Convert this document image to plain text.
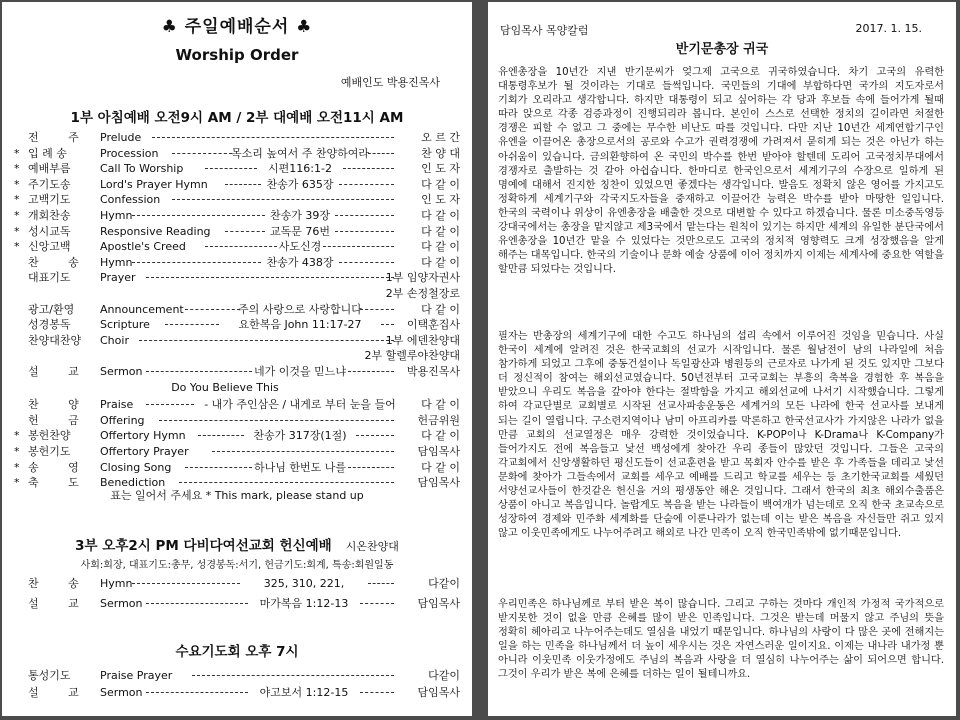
♣ 주일예배순서 ♣
Worship Order
예배인도 박용진목사
1부 아침예배 오전9시 AM / 2부 대예배 오전11시 AM
전 주 Prelude	오 르 간
* 입 례 송	Procession	목소리 높여서 주 찬양하여라	찬 양 대
* 예배부름	Call To Worship	시편116:1-2	인 도 자
* 주기도송	Lord's Prayer Hymn	찬송가 635장	다 같 이
* 고백기도	Confession	인 도 자
* 개회찬송	Hymn	찬송가 39장	다 같 이
* 성시교독	Responsive Reading	교독문 76번	다 같 이
* 신앙고백	Apostle's Creed	사도신경	다 같 이
찬 송 Hymn	찬송가 438장	다 같 이
대표기도	Prayer	1부 임양자권사
2부 손정철장로
광고/환영	Announcement	주의 사랑으로 사랑합니다	다 같 이
성경봉독	Scripture	요한복음 John 11:17-27	이택훈집사
찬양대찬양	Choir	1부 에덴찬양대
2부 할렐루야찬양대
설 교 Sermon	네가 이것을 믿느냐	박용진목사
찬 양 Praise	- 내가 주인삼은 / 내게로 부터 눈을 들어	다 같 이
헌 금 Offering	헌금위원
* 봉헌찬양	Offertory Hymn	찬송가 317장(1절)	다 같 이
* 봉헌기도	Offertory Prayer	담임목사
* 송 영 Closing Song	하나님 한번도 나를	다 같 이
* 축 도 Benediction	담임목사
표는 일어서 주세요 * This mark, please stand up
3부 오후2시 PM 다비다여선교회 헌신예배 시온찬양대
사회:회장, 대표기도:총무, 성경봉독:서기, 헌금기도:회계, 특송:회원일동
찬 송 Hymn	325, 310, 221,	다같이
설 교 Sermon	마가복음 1:12-13	담임목사
수요기도회 오후 7시
통성기도	Praise Prayer	다같이
설 교 Sermon	야고보서 1:12-15	담임목사
Do You Believe This
담임목사 목양칼럼	2017. 1. 15.
반기문총장 귀국
유엔총장을 10년간 지낸 반기문씨가 엊그제 고국으로 귀국하였습니다. 차기 고국의 유력한 대통령후보가 될 것이라는 기대로 들썩입니다. 국민들의 기대에 부합하다면 국가의 지도자로서 기회가 오리라고 생각합니다. 하지만 대통령이 되고 싶어하는 각 당과 후보들 속에 들어가게 될때 따라 앉으로 각종 검증과정이 진행되리라 봅니다. 본인이 스스로 선택한 정치의 길이라면 처절한 경쟁은 피할 수 없고 그 중에는 무수한 비난도 따를 것입니다. 다만 지난 10년간 세계연합기구인 유엔을 이끌어온 총장으로서의 공로와 수고가 권력경쟁에 가려져서 묻히게 되는 것은 아닌가 하는 아쉬움이 있습니다. 금의환향하여 온 국민의 박수를 한번 받아야 할텐데 도리어 고국정치무대에서 경쟁자로 출발하는 것 같아 아쉽습니다. 한마디로 한국인으로서 세계기구의 수장으로 일하게 된 명예에 대해서 진지한 칭찬이 있었으면 좋겠다는 생각입니다. 발음도 정확치 않은 영어를 가지고도 정확하게 세계기구와 각국지도자들을 중재하고 이끌어간 능력은 박수를 받아 마땅한 일입니다. 한국의 국력이나 위상이 유엔총장을 배출한 것으로 대변할 수 있다고 하겠습니다. 물론 미소중독영등 강대국에서는 총장을 맡지않고 제3국에서 맡는다는 원칙이 있기는 하지만 세계의 유일한 분단국에서 유엔총장을 10년간 맡을 수 있었다는 것만으로도 고국의 정치적 영향력도 크게 성장했음을 알게 해주는 대목입니다. 한국의 기술이나 문화 예술 상품에 이어 정치까지 이제는 세계사에 중요한 역할을 할만큼 되었다는 것입니다.
필자는 반총장의 세계기구에 대한 수고도 하나님의 섭리 속에서 이루어진 것임을 믿습니다. 사실 한국이 세계에 알려진 것은 한국교회의 선교가 시작입니다. 물론 월남전이 남의 나라일에 처음 참가하게 되었고 그후에 중동건설이나 독일광산과 병원등의 근로자로 나가게 된 것도 있지만 그보다 더 정신적이 참여는 해외선교였습니다. 50년전부터 고국교회는 부흥의 축복을 경험한 후 복음을 받았으니 우리도 복음을 갚아야 한다는 절박함을 가지고 해외선교에 나서기 시작했습니다. 그렇게 하여 각교단별로 교회별로 시작된 선교사파송운동은 세계거의 모든 나라에 한국 선교사를 보내게 되는 길이 열립니다. 구소련지역이나 남미 아프리카를 막론하고 한국선교사가 가지않은 나라가 없을 만큼 교회의 선교열정은 매우 강력한 것이었습니다. K-POP이나 K-Drama나 K-Company가 들어가지도 전에 복음들고 낯선 백성에게 찾아간 우리 종들이 많았던 것입니다. 그들은 고국의 각교회에서 신앙생활하던 평신도들이 선교훈련을 받고 목회자 안수를 받은 후 가족들을 데리고 낯선 문화에 찾아가 그들속에서 교회를 세우고 예배를 드리고 학교를 세우는 등 초기한국교회를 세웠던 서양선교사들이 한것같은 헌신을 거의 평생동안 해온 것입니다. 그래서 한국의 최초 해외수출품은 상품이 아니고 복음입니다. 놀랍게도 복음을 받는 나라들이 백여개가 넘는데로 오직 한국 초교속으로 성장하여 경제와 민주화 세계화를 단숨에 이룬나라가 없는데 이는 받은 복음을 자신들만 쥐고 있지 않고 이웃민족에게도 나누어주려고 해외로 나간 민족이 오직 한국민족밖에 없기때문입니다.
우리민족은 하나님께로 부터 받은 복이 많습니다. 그리고 구하는 것마다 개인적 가정적 국가적으로 받지못한 것이 없을 만큼 은혜를 많이 받은 민족입니다. 그것은 받는데 머물지 않고 주님의 뜻을 정확히 헤아리고 나누어주는데도 열심을 내었기 때문입니다. 하나님의 사랑이 다 많은 곳에 전해지는 일을 하는 민족을 하나님께서 더 높이 세우시는 것은 자연스러운 일이지요. 이제는 내나라 내가정 뿐 아니라 이웃민족 이웃가정에도 주님의 복음과 사랑을 더 열심히 나누어주는 삶이 되어으면 합니다. 그것이 우리가 받은 복에 은혜를 더하는 일이 될테니까요.
